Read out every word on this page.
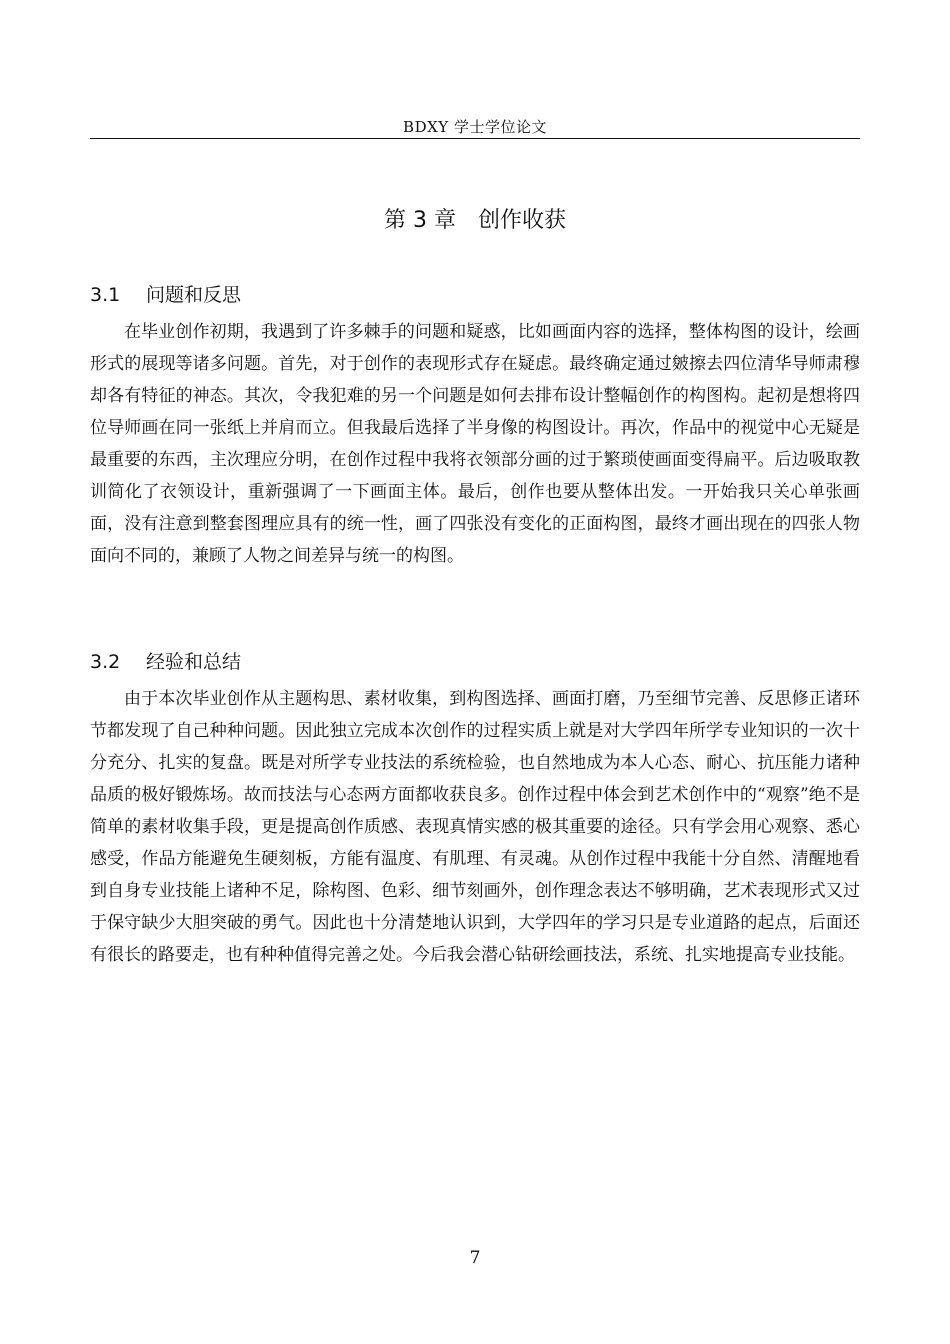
BDXY 学士学位论文
第 3 章　创作收获
3.1 问题和反思

在毕业创作初期，我遇到了许多棘手的问题和疑惑，比如画面内容的选择，整体构图的设计，绘画形式的展现等诸多问题。首先，对于创作的表现形式存在疑虑。最终确定通过皴擦去四位清华导师肃穆却各有特征的神态。其次，令我犯难的另一个问题是如何去排布设计整幅创作的构图构。起初是想将四位导师画在同一张纸上并肩而立。但我最后选择了半身像的构图设计。再次，作品中的视觉中心无疑是最重要的东西，主次理应分明，在创作过程中我将衣领部分画的过于繁琐使画面变得扁平。后边吸取教训简化了衣领设计，重新强调了一下画面主体。最后，创作也要从整体出发。一开始我只关心单张画面，没有注意到整套图理应具有的统一性，画了四张没有变化的正面构图，最终才画出现在的四张人物面向不同的，兼顾了人物之间差异与统一的构图。

3.2 经验和总结

由于本次毕业创作从主题构思、素材收集，到构图选择、画面打磨，乃至细节完善、反思修正诸环节都发现了自己种种问题。因此独立完成本次创作的过程实质上就是对大学四年所学专业知识的一次十分充分、扎实的复盘。既是对所学专业技法的系统检验，也自然地成为本人心态、耐心、抗压能力诸种品质的极好锻炼场。故而技法与心态两方面都收获良多。创作过程中体会到艺术创作中的“观察”绝不是简单的素材收集手段，更是提高创作质感、表现真情实感的极其重要的途径。只有学会用心观察、悉心感受，作品方能避免生硬刻板，方能有温度、有肌理、有灵魂。从创作过程中我能十分自然、清醒地看到自身专业技能上诸种不足，除构图、色彩、细节刻画外，创作理念表达不够明确，艺术表现形式又过于保守缺少大胆突破的勇气。因此也十分清楚地认识到，大学四年的学习只是专业道路的起点，后面还有很长的路要走，也有种种值得完善之处。今后我会潜心钻研绘画技法，系统、扎实地提高专业技能。

7
